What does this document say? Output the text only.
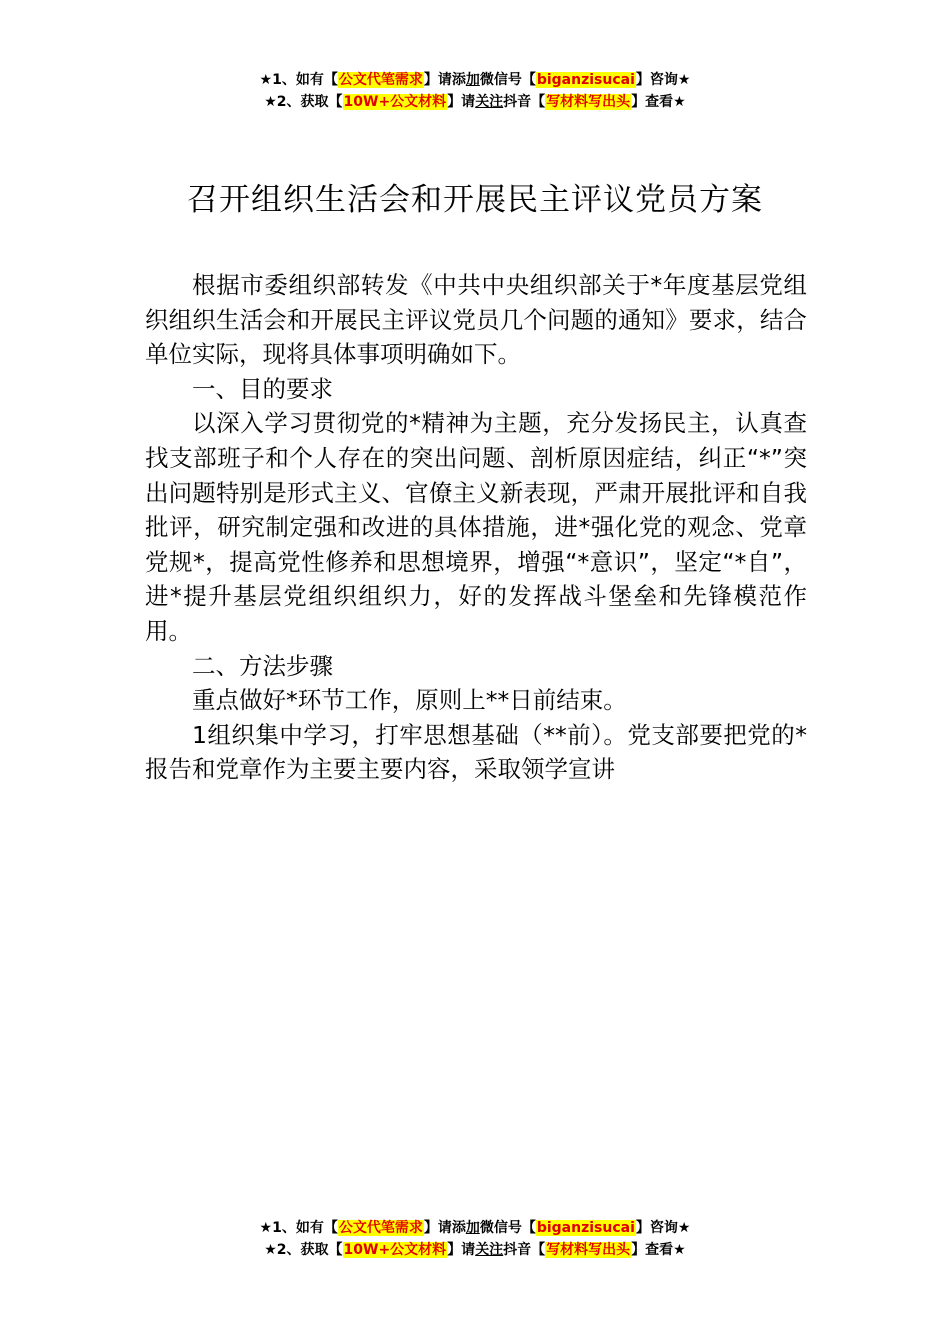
★1、如有【公文代笔需求】请添加微信号【biganzisucai】咨询★
★2、获取【10W+公文材料】请关注抖音【写材料写出头】查看★
召开组织生活会和开展民主评议党员方案

根据市委组织部转发《中共中央组织部关于*年度基层党组织组织生活会和开展民主评议党员几个问题的通知》要求，结合单位实际，现将具体事项明确如下。

一、目的要求

以深入学习贯彻党的*精神为主题，充分发扬民主，认真查找支部班子和个人存在的突出问题、剖析原因症结，纠正“*”突出问题特别是形式主义、官僚主义新表现，严肃开展批评和自我批评，研究制定强和改进的具体措施，进*强化党的观念、党章党规*，提高党性修养和思想境界，增强“*意识”，坚定“*自”，进*提升基层党组织组织力，好的发挥战斗堡垒和先锋模范作用。

二、方法步骤

重点做好*环节工作，原则上**日前结束。

1组织集中学习，打牢思想基础（**前）。党支部要把党的*报告和党章作为主要主要内容，采取领学宣讲

★1、如有【公文代笔需求】请添加微信号【biganzisucai】咨询★
★2、获取【10W+公文材料】请关注抖音【写材料写出头】查看★
